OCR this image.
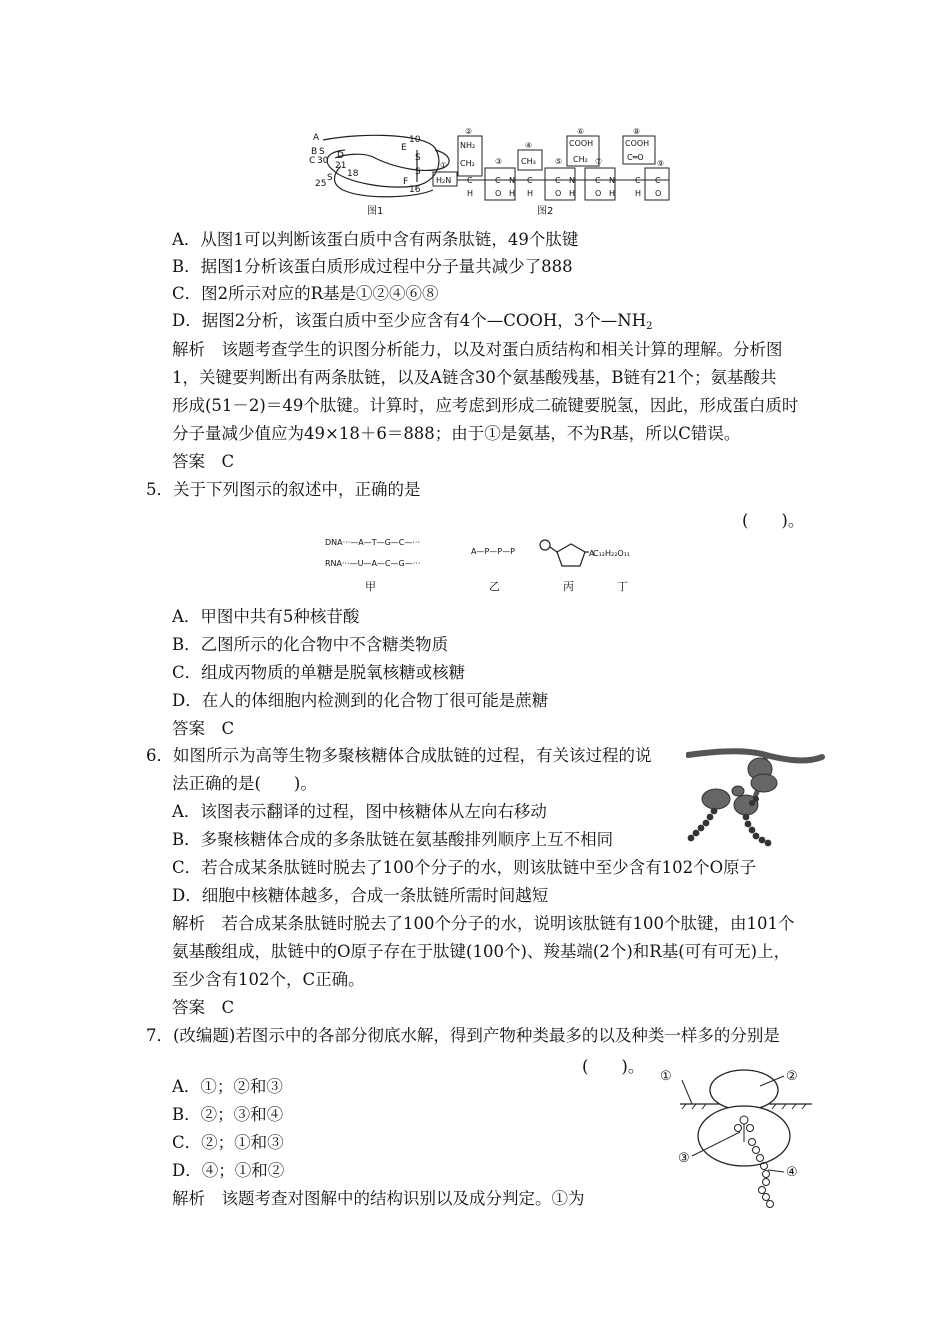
A
B S
C 30 D
21
18
25
S
10
E
S
S
F
16
图1
①
②
③
④
⑤
⑥
⑦
⑧
⑨
NH₂
CH₂	CH₃
COOH
CH₂
COOH
C═O
H₂N C	C N C	C N	C N	C C
H	O H H	O H O H H O
图2
A．从图1可以判断该蛋白质中含有两条肽链，49个肽键
B．据图1分析该蛋白质形成过程中分子量共减少了888
C．图2所示对应的R基是①②④⑥⑧
D．据图2分析，该蛋白质中至少应含有4个—COOH，3个$—NH_2$
解析　该题考查学生的识图分析能力，以及对蛋白质结构和相关计算的理解。分析图
1，关键要判断出有两条肽链，以及A链含30个氨基酸残基，B链有21个；氨基酸共
形成(51－2)＝49个肽键。计算时，应考虑到形成二硫键要脱氢，因此，形成蛋白质时
分子量减少值应为49×18＋6＝888；由于①是氨基，不为R基，所以C错误。
答案　C
5．关于下列图示的叙述中，正确的是
(　　)。
DNA···—A—T—G—C—···
RNA···—U—A—C—G—···
A—P—P—P	C₁₂H₂₂O₁₁
A
甲	乙	丙	丁
A．甲图中共有5种核苷酸
B．乙图所示的化合物中不含糖类物质
C．组成丙物质的单糖是脱氧核糖或核糖
D．在人的体细胞内检测到的化合物丁很可能是蔗糖
答案　C
6．如图所示为高等生物多聚核糖体合成肽链的过程，有关该过程的说
法正确的是(　　)。
A．该图表示翻译的过程，图中核糖体从左向右移动
B．多聚核糖体合成的多条肽链在氨基酸排列顺序上互不相同
C．若合成某条肽链时脱去了100个分子的水，则该肽链中至少含有102个O原子
D．细胞中核糖体越多，合成一条肽链所需时间越短
解析　若合成某条肽链时脱去了100个分子的水，说明该肽链有100个肽键，由101个
氨基酸组成，肽链中的O原子存在于肽键(100个)、羧基端(2个)和R基(可有可无)上，
至少含有102个，C正确。
答案　C
7．(改编题)若图示中的各部分彻底水解，得到产物种类最多的以及种类一样多的分别是
(　　)。
①	②
③
④
A．①；②和③
B．②；③和④
C．②；①和③
D．④；①和②
解析　该题考查对图解中的结构识别以及成分判定。①为
